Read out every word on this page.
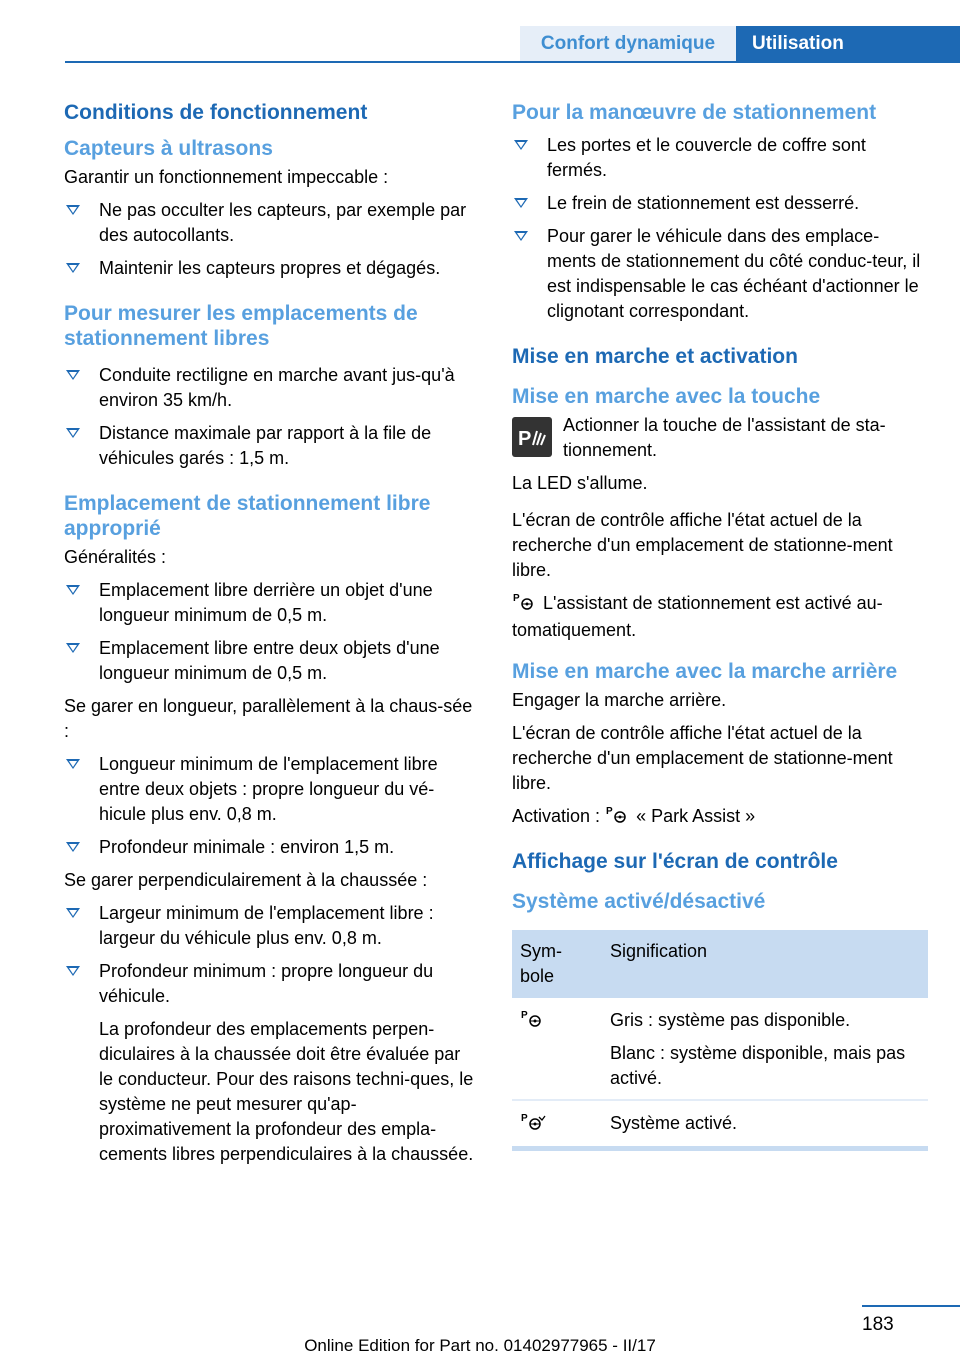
Confort dynamique	Utilisation
Conditions de fonctionnement
Capteurs à ultrasons
Garantir un fonctionnement impeccable :
Ne pas occulter les capteurs, par exemple par des autocollants.
Maintenir les capteurs propres et dégagés.
Pour mesurer les emplacements de stationnement libres
Conduite rectiligne en marche avant jus-qu'à environ 35 km/h.
Distance maximale par rapport à la file de véhicules garés : 1,5 m.
Emplacement de stationnement libre approprié
Généralités :
Emplacement libre derrière un objet d'une longueur minimum de 0,5 m.
Emplacement libre entre deux objets d'une longueur minimum de 0,5 m.
Se garer en longueur, parallèlement à la chaus-sée :
Longueur minimum de l'emplacement libre entre deux objets : propre longueur du vé-hicule plus env. 0,8 m.
Profondeur minimale : environ 1,5 m.
Se garer perpendiculairement à la chaussée :
Largeur minimum de l'emplacement libre : largeur du véhicule plus env. 0,8 m.
Profondeur minimum : propre longueur du véhicule.
La profondeur des emplacements perpen-diculaires à la chaussée doit être évaluée par le conducteur. Pour des raisons techni-ques, le système ne peut mesurer qu'ap-proximativement la profondeur des empla-cements libres perpendiculaires à la chaussée.
Pour la manœuvre de stationnement
Les portes et le couvercle de coffre sont fermés.
Le frein de stationnement est desserré.
Pour garer le véhicule dans des emplace-ments de stationnement du côté conduc-teur, il est indispensable le cas échéant d'actionner le clignotant correspondant.
Mise en marche et activation
Mise en marche avec la touche
P
Actionner la touche de l'assistant de sta-tionnement.
La LED s'allume.
L'écran de contrôle affiche l'état actuel de la recherche d'un emplacement de stationne-ment libre.
P L'assistant de stationnement est activé au-tomatiquement.
Mise en marche avec la marche arrière
Engager la marche arrière.
L'écran de contrôle affiche l'état actuel de la recherche d'un emplacement de stationne-ment libre.
Activation : P « Park Assist »
Affichage sur l'écran de contrôle
Système activé/désactivé
Sym-bole	Signification

P	Gris : système pas disponible.
Blanc : système disponible, mais pas activé.

P	Système activé.
183
Online Edition for Part no. 01402977965 - II/17
